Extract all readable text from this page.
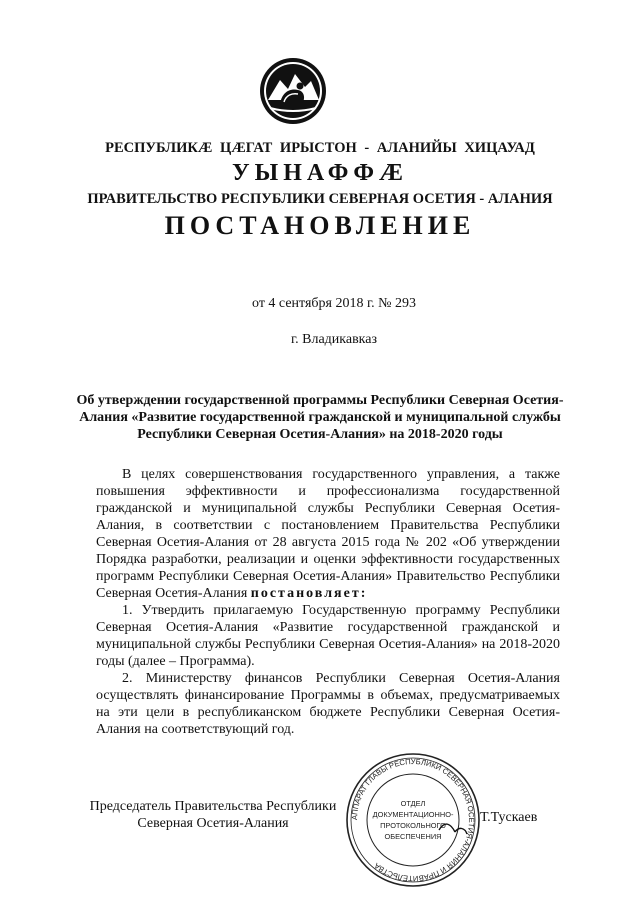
РЕСПУБЛИКӔ ЦӔГАТ ИРЫСТОН - АЛАНИЙЫ ХИЦАУАД
УЫНАФФӔ
ПРАВИТЕЛЬСТВО РЕСПУБЛИКИ СЕВЕРНАЯ ОСЕТИЯ - АЛАНИЯ
ПОСТАНОВЛЕНИЕ
от 4 сентября 2018 г. № 293
г. Владикавказ
Об утверждении государственной программы Республики Северная Осетия-Алания «Развитие государственной гражданской и муниципальной службы Республики Северная Осетия-Алания» на 2018-2020 годы

В целях совершенствования государственного управления, а также повышения эффективности и профессионализма государственной гражданской и муниципальной службы Республики Северная Осетия-Алания, в соответствии с постановлением Правительства Республики Северная Осетия-Алания от 28 августа 2015 года № 202 «Об утверждении Порядка разработки, реализации и оценки эффективности государственных программ Республики Северная Осетия-Алания» Правительство Республики Северная Осетия-Алания постановляет:

1. Утвердить прилагаемую Государственную программу Республики Северная Осетия-Алания «Развитие государственной гражданской и муниципальной службы Республики Северная Осетия-Алания» на 2018-2020 годы (далее – Программа).

2. Министерству финансов Республики Северная Осетия-Алания осуществлять финансирование Программы в объемах, предусматриваемых на эти цели в республиканском бюджете Республики Северная Осетия-Алания на соответствующий год.

Председатель Правительства Республики Северная Осетия-Алания	АППАРАТ ГЛАВЫ РЕСПУБЛИКИ СЕВЕРНАЯ ОСЕТИЯ-АЛАНИЯ И ПРАВИТЕЛЬСТВА
ОТДЕЛ
ДОКУМЕНТАЦИОННО-
ПРОТОКОЛЬНОГО
ОБЕСПЕЧЕНИЯ
Т.Тускаев
